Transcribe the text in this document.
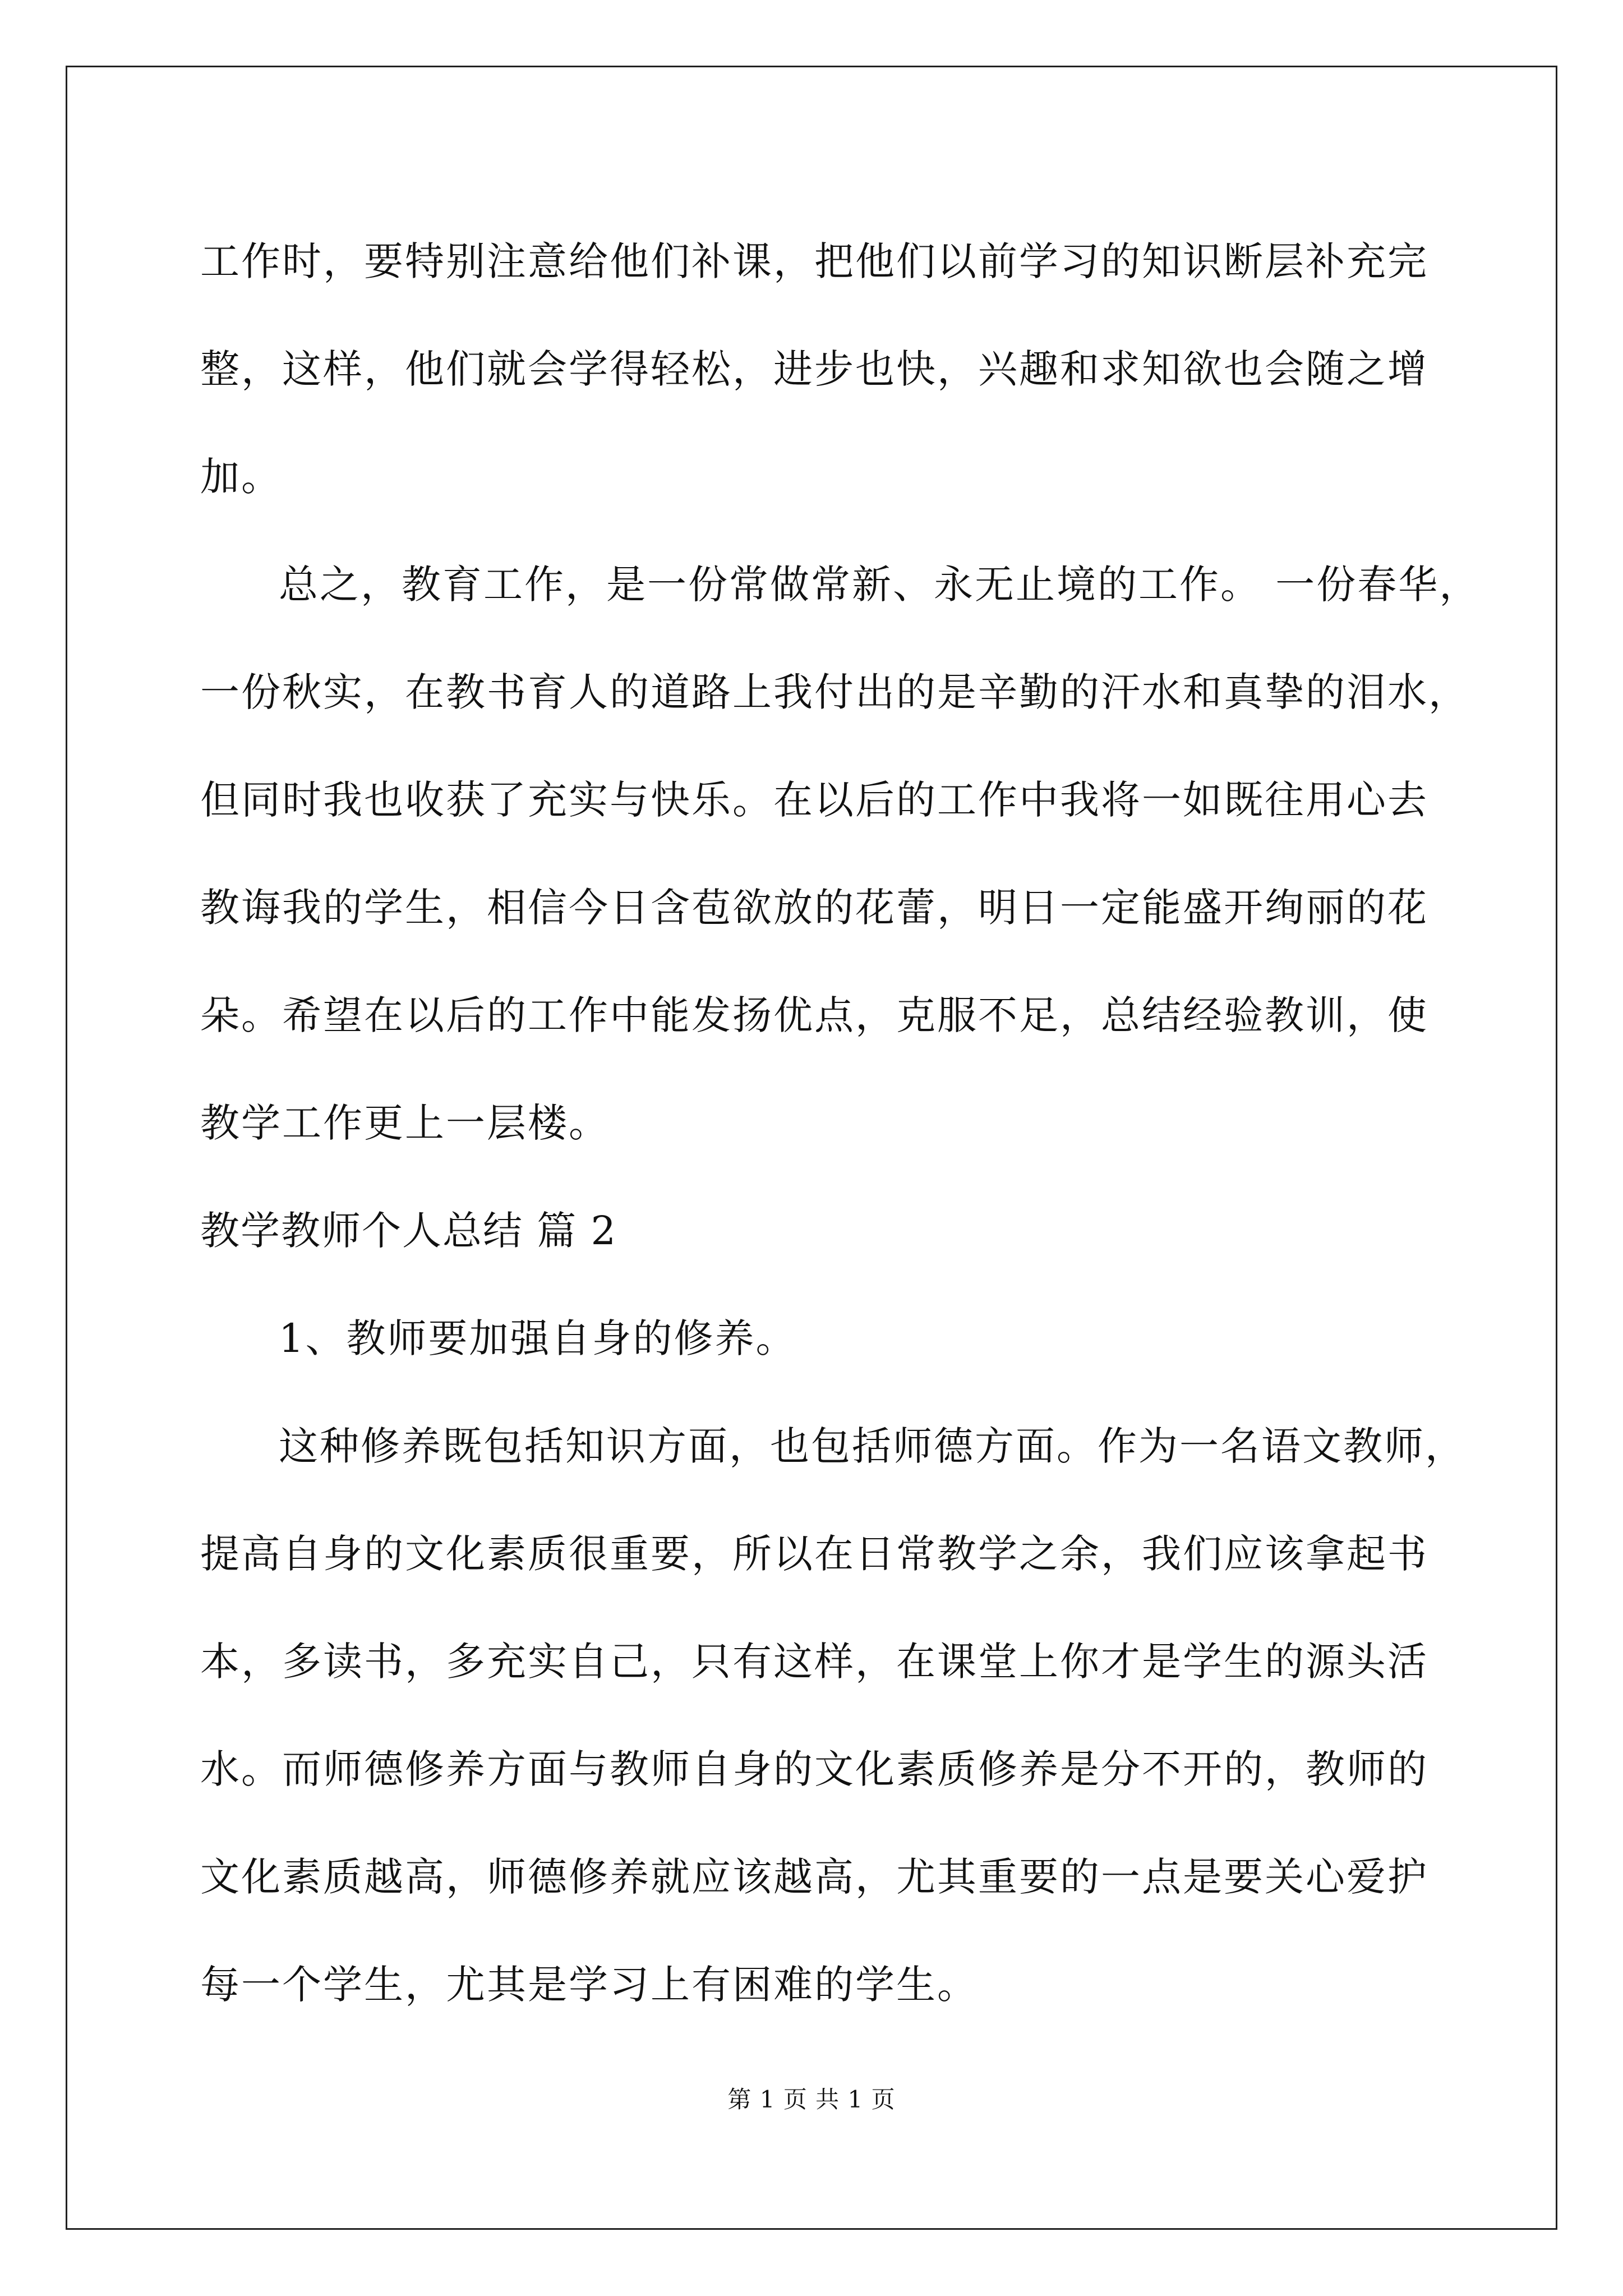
工作时，要特别注意给他们补课，把他们以前学习的知识断层补充完
整，这样，他们就会学得轻松，进步也快，兴趣和求知欲也会随之增
加。
总之，教育工作，是一份常做常新、永无止境的工作。 一份春华，
一份秋实，在教书育人的道路上我付出的是辛勤的汗水和真挚的泪水，
但同时我也收获了充实与快乐。在以后的工作中我将一如既往用心去
教诲我的学生，相信今日含苞欲放的花蕾，明日一定能盛开绚丽的花
朵。希望在以后的工作中能发扬优点，克服不足，总结经验教训，使
教学工作更上一层楼。
教学教师个人总结 篇 2
1、教师要加强自身的修养。
这种修养既包括知识方面，也包括师德方面。作为一名语文教师，
提高自身的文化素质很重要，所以在日常教学之余，我们应该拿起书
本，多读书，多充实自己，只有这样，在课堂上你才是学生的源头活
水。而师德修养方面与教师自身的文化素质修养是分不开的，教师的
文化素质越高，师德修养就应该越高，尤其重要的一点是要关心爱护
每一个学生，尤其是学习上有困难的学生。
第 1 页 共 1 页
